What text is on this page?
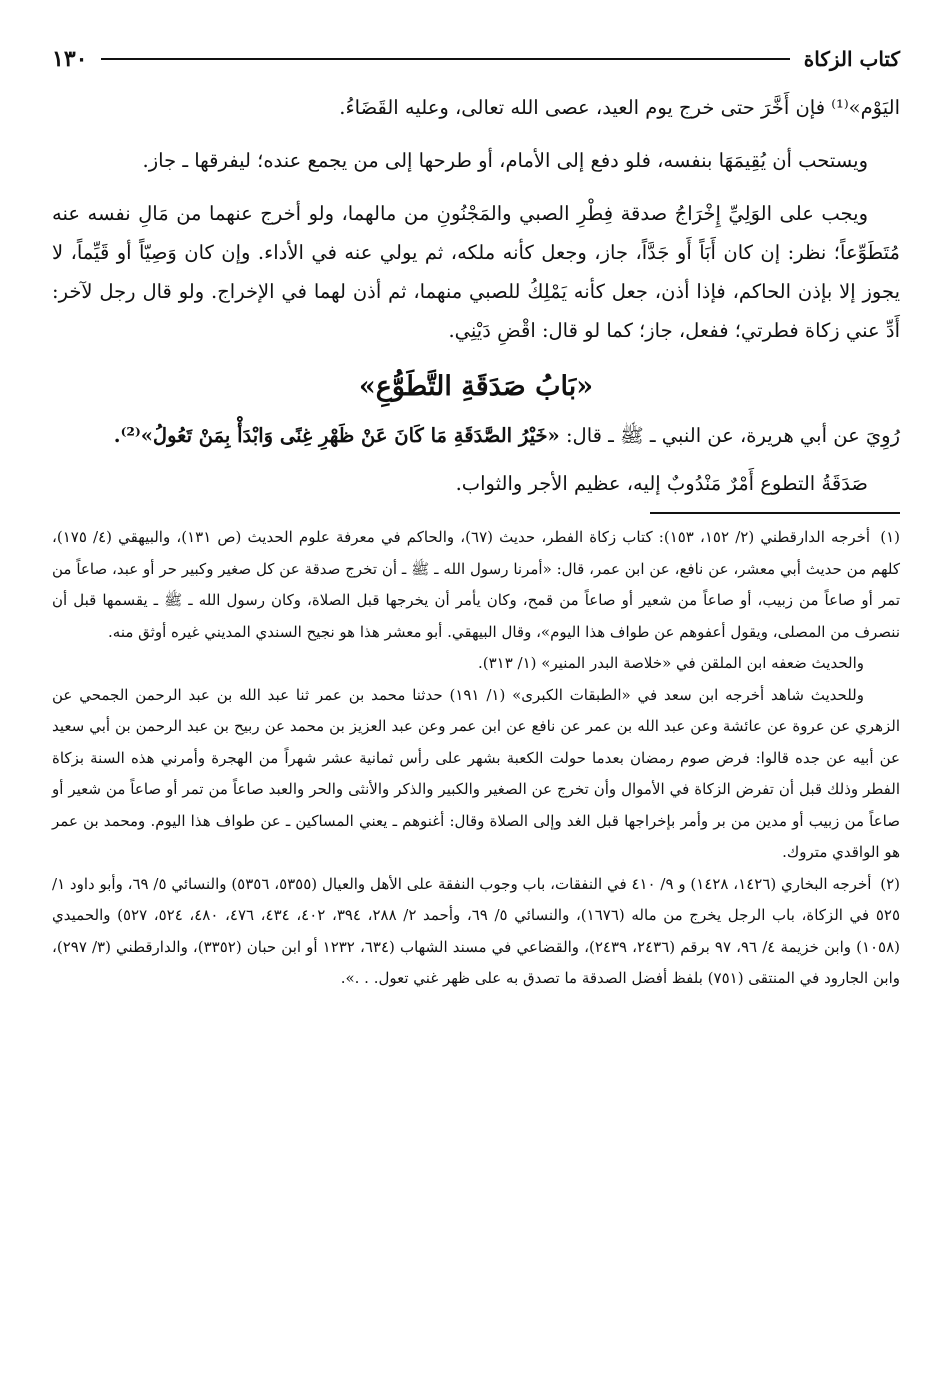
١٣٠	كتاب الزكاة

اليَوْم»⁽¹⁾ فإن أَخَّرَ حتى خرج يوم العيد، عصى الله تعالى، وعليه القَضَاءُ.

ويستحب أن يُقِيمَهَا بنفسه، فلو دفع إلى الأمام، أو طرحها إلى من يجمع عنده؛ ليفرقها ـ جاز.

ويجب على الوَلِيِّ إِخْرَاجُ صدقة فِطْرِ الصبي والمَجْنُونِ من مالهما، ولو أخرج عنهما من مَالِ نفسه عنه مُتَطَوِّعاً؛ نظر: إن كان أَبَاً أَو جَدَّاً، جاز، وجعل كأنه ملكه، ثم يولي عنه في الأداء. وإن كان وَصِيّاً أو قَيِّماً، لا يجوز إلا بإذن الحاكم، فإذا أذن، جعل كأنه يَمْلِكُ للصبي منهما، ثم أذن لهما في الإخراج. ولو قال رجل لآخر: أَدِّ عني زكاة فطرتي؛ ففعل، جاز؛ كما لو قال: اقْضِ دَيْنِي.

«بَابُ صَدَقَةِ التَّطَوُّعِ»

رُوِيَ عن أبي هريرة، عن النبي ـ ﷺ ـ قال: «خَيْرُ الصَّدَقَةِ مَا كَانَ عَنْ ظَهْرِ غِنًى وَابْدَأْ بِمَنْ تَعُولُ»⁽²⁾.

صَدَقَةُ التطوع أَمْرٌ مَنْدُوبٌ إليه، عظيم الأجر والثواب.

(١) أخرجه الدارقطني (٢/ ١٥٢، ١٥٣): كتاب زكاة الفطر، حديث (٦٧)، والحاكم في معرفة علوم الحديث (ص ١٣١)، والبيهقي (٤/ ١٧٥)، كلهم من حديث أبي معشر، عن نافع، عن ابن عمر، قال: «أمرنا رسول الله ـ ﷺ ـ أن تخرج صدقة عن كل صغير وكبير حر أو عبد، صاعاً من تمر أو صاعاً من زبيب، أو صاعاً من شعير أو صاعاً من قمح، وكان يأمر أن يخرجها قبل الصلاة، وكان رسول الله ـ ﷺ ـ يقسمها قبل أن ننصرف من المصلى، ويقول أعفوهم عن طواف هذا اليوم»، وقال البيهقي. أبو معشر هذا هو نجيح السندي المديني غيره أوثق منه.

والحديث ضعفه ابن الملقن في «خلاصة البدر المنير» (١/ ٣١٣).

وللحديث شاهد أخرجه ابن سعد في «الطبقات الكبرى» (١/ ١٩١) حدثنا محمد بن عمر ثنا عبد الله بن عبد الرحمن الجمحي عن الزهري عن عروة عن عائشة وعن عبد الله بن عمر عن نافع عن ابن عمر وعن عبد العزيز بن محمد عن ربيح بن عبد الرحمن بن أبي سعيد عن أبيه عن جده قالوا: فرض صوم رمضان بعدما حولت الكعبة بشهر على رأس ثمانية عشر شهراً من الهجرة وأمرني هذه السنة بزكاة الفطر وذلك قبل أن تفرض الزكاة في الأموال وأن تخرج عن الصغير والكبير والذكر والأنثى والحر والعبد صاعاً من تمر أو صاعاً من شعير أو صاعاً من زبيب أو مدين من بر وأمر بإخراجها قبل الغد وإلى الصلاة وقال: أغنوهم ـ يعني المساكين ـ عن طواف هذا اليوم. ومحمد بن عمر هو الواقدي متروك.

(٢) أخرجه البخاري (١٤٢٦، ١٤٢٨) و ٩/ ٤١٠ في النفقات، باب وجوب النفقة على الأهل والعيال (٥٣٥٥، ٥٣٥٦) والنسائي ٥/ ٦٩، وأبو داود ١/ ٥٢٥ في الزكاة، باب الرجل يخرج من ماله (١٦٧٦)، والنسائي ٥/ ٦٩، وأحمد ٢/ ٢٨٨، ٣٩٤، ٤٠٢، ٤٣٤، ٤٧٦، ٤٨٠، ٥٢٤، ٥٢٧) والحميدي (١٠٥٨) وابن خزيمة ٤/ ٩٦، ٩٧ برقم (٢٤٣٦، ٢٤٣٩)، والقضاعي في مسند الشهاب (٦٣٤، ١٢٣٢ أو ابن حبان (٣٣٥٢)، والدارقطني (٣/ ٢٩٧)، وابن الجارود في المنتقى (٧٥١) بلفظ أفضل الصدقة ما تصدق به على ظهر غني تعول. . .».
